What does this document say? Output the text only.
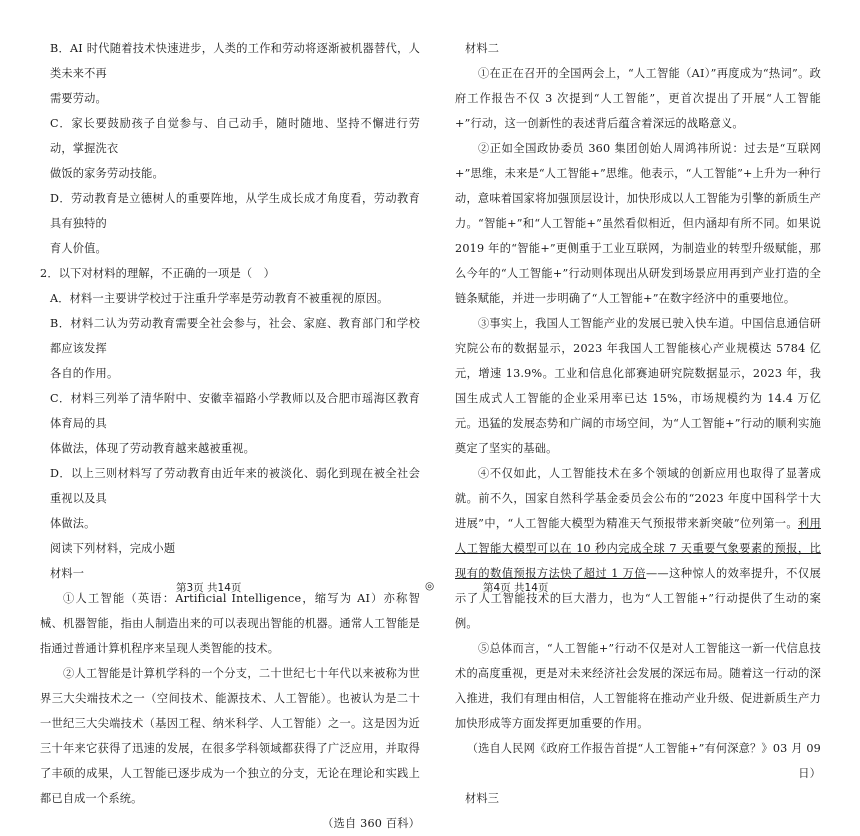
B．AI 时代随着技术快速进步，人类的工作和劳动将逐渐被机器替代，人类未来不再

需要劳动。

C．家长要鼓励孩子自觉参与、自己动手，随时随地、坚持不懈进行劳动，掌握洗衣

做饭的家务劳动技能。

D．劳动教育是立德树人的重要阵地，从学生成长成才角度看，劳动教育具有独特的

育人价值。

2．以下对材料的理解，不正确的一项是（　）

A．材料一主要讲学校过于注重升学率是劳动教育不被重视的原因。

B．材料二认为劳动教育需要全社会参与，社会、家庭、教育部门和学校都应该发挥

各自的作用。

C．材料三列举了清华附中、安徽幸福路小学教师以及合肥市瑶海区教育体育局的具

体做法，体现了劳动教育越来越被重视。

D．以上三则材料写了劳动教育由近年来的被淡化、弱化到现在被全社会重视以及具

体做法。

阅读下列材料，完成小题

材料一

①人工智能（英语：Artificial Intelligence，缩写为 AI）亦称智械、机器智能，指由人制造出来的可以表现出智能的机器。通常人工智能是指通过普通计算机程序来呈现人类智能的技术。

②人工智能是计算机学科的一个分支，二十世纪七十年代以来被称为世界三大尖端技术之一（空间技术、能源技术、人工智能）。也被认为是二十一世纪三大尖端技术（基因工程、纳米科学、人工智能）之一。这是因为近三十年来它获得了迅速的发展，在很多学科领域都获得了广泛应用，并取得了丰硕的成果，人工智能已逐步成为一个独立的分支，无论在理论和实践上都已自成一个系统。

（选自 360 百科）

材料二

①在正在召开的全国两会上，“人工智能（AI）”再度成为“热词”。政府工作报告不仅 3 次提到“人工智能”，更首次提出了开展“人工智能+”行动，这一创新性的表述背后蕴含着深远的战略意义。

②正如全国政协委员 360 集团创始人周鸿祎所说：过去是“互联网+”思维，未来是“人工智能+”思维。他表示，“人工智能”+上升为一种行动，意味着国家将加强顶层设计，加快形成以人工智能为引擎的新质生产力。“智能+”和“人工智能+”虽然看似相近，但内涵却有所不同。如果说 2019 年的“智能+”更侧重于工业互联网，为制造业的转型升级赋能，那么今年的“人工智能+”行动则体现出从研发到场景应用再到产业打造的全链条赋能，并进一步明确了“人工智能+”在数字经济中的重要地位。

③事实上，我国人工智能产业的发展已驶入快车道。中国信息通信研究院公布的数据显示，2023 年我国人工智能核心产业规模达 5784 亿元，增速 13.9%。工业和信息化部赛迪研究院数据显示，2023 年，我国生成式人工智能的企业采用率已达 15%，市场规模约为 14.4 万亿元。迅猛的发展态势和广阔的市场空间，为“人工智能+”行动的顺利实施奠定了坚实的基础。

④不仅如此，人工智能技术在多个领域的创新应用也取得了显著成就。前不久，国家自然科学基金委员会公布的“2023 年度中国科学十大进展”中，“人工智能大模型为精准天气预报带来新突破”位列第一。利用人工智能大模型可以在 10 秒内完成全球 7 天重要气象要素的预报，比现有的数值预报方法快了超过 1 万倍——这种惊人的效率提升，不仅展示了人工智能技术的巨大潜力，也为“人工智能+”行动提供了生动的案例。

⑤总体而言，“人工智能+”行动不仅是对人工智能这一新一代信息技术的高度重视，更是对未来经济社会发展的深远布局。随着这一行动的深入推进，我们有理由相信，人工智能将在推动产业升级、促进新质生产力加快形成等方面发挥更加重要的作用。

（选自人民网《政府工作报告首提“人工智能+”有何深意？》03 月 09 日）

材料三

第3页 共14页	◎	第4页 共14页
